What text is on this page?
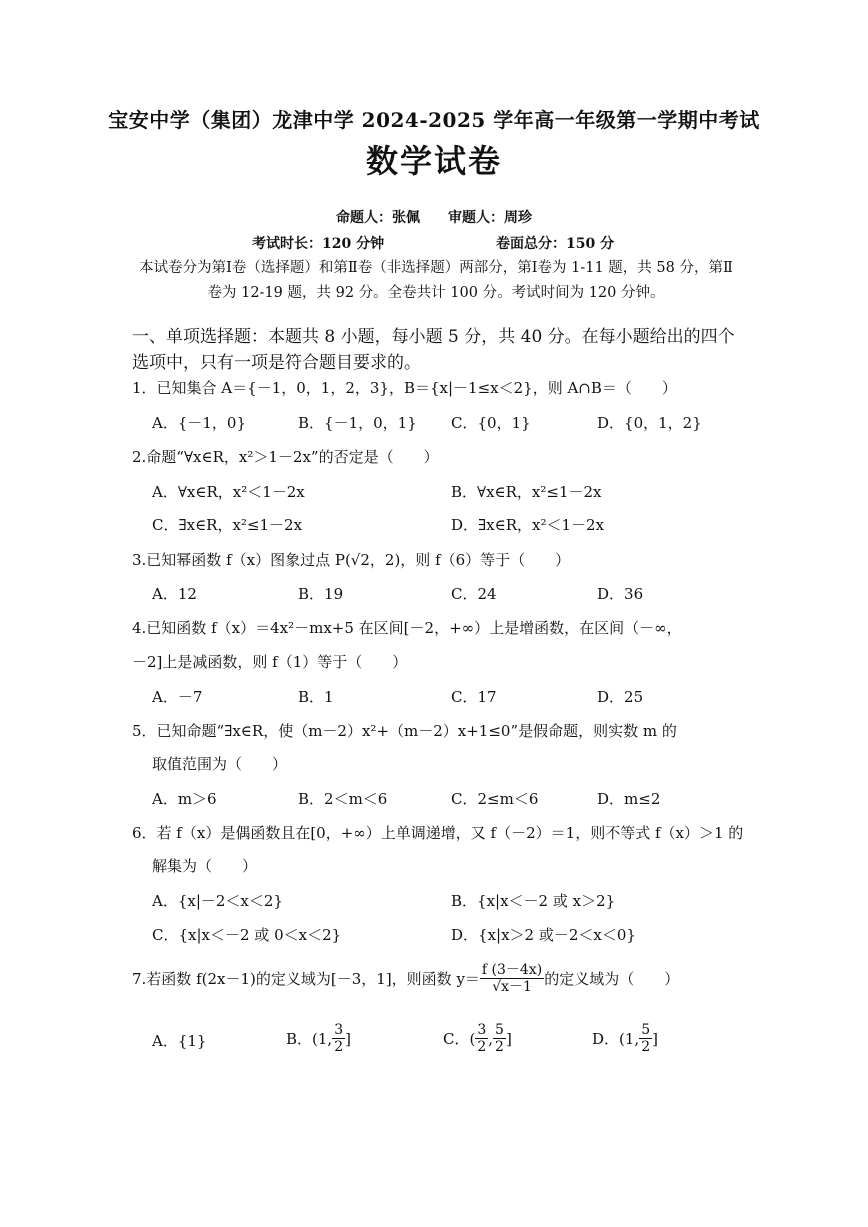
宝安中学（集团）龙津中学 2024-2025 学年高一年级第一学期中考试
数学试卷
命题人：张佩　　审题人：周珍
考试时长：120 分钟	卷面总分：150 分
本试卷分为第Ⅰ卷（选择题）和第Ⅱ卷（非选择题）两部分，第Ⅰ卷为 1-11 题，共 58 分，第Ⅱ
卷为 12-19 题，共 92 分。全卷共计 100 分。考试时间为 120 分钟。
一、单项选择题：本题共 8 小题，每小题 5 分，共 40 分。在每小题给出的四个
选项中，只有一项是符合题目要求的。
1．已知集合 A＝{－1，0，1，2，3}，B＝{x|－1≤x＜2}，则 A∩B＝（　　）
A．{－1，0}	B．{－1，0，1} C．{0，1}	D．{0，1，2}
2.命题“∀x∈R，x²＞1－2x”的否定是（　　）
A．∀x∈R，x²＜1－2x	B．∀x∈R，x²≤1－2x
C．∃x∈R，x²≤1－2x	D．∃x∈R，x²＜1－2x
3.已知幂函数 f（x）图象过点 P(√2，2)，则 f（6）等于（　　）
A．12	B．19	C．24	D．36
4.已知函数 f（x）＝4x²－mx+5 在区间[－2，+∞）上是增函数，在区间（－∞，
－2]上是减函数，则 f（1）等于（　　）
A．－7	B．1	C．17	D．25
5．已知命题“∃x∈R，使（m－2）x²+（m－2）x+1≤0”是假命题，则实数 m 的
取值范围为（　　）
A．m＞6	B．2＜m＜6	C．2≤m＜6	D．m≤2
6．若 f（x）是偶函数且在[0，+∞）上单调递增，又 f（－2）＝1，则不等式 f（x）＞1 的
解集为（　　）
A．{x|－2＜x＜2}	B．{x|x＜－2 或 x＞2}
C．{x|x＜－2 或 0＜x＜2}	D．{x|x＞2 或－2＜x＜0}
7.若函数 f(2x－1)的定义域为[－3，1]，则函数 $y= \frac{f (3-4x)}{√x-1}$ 的定义域为（　　）
A．{1}	B．(1, $\frac{3}{2}$ ]	C．( $\frac{3}{2}$ , $\frac{5}{2}$ ]	D．(1, $\frac{5}{2}$ ]
